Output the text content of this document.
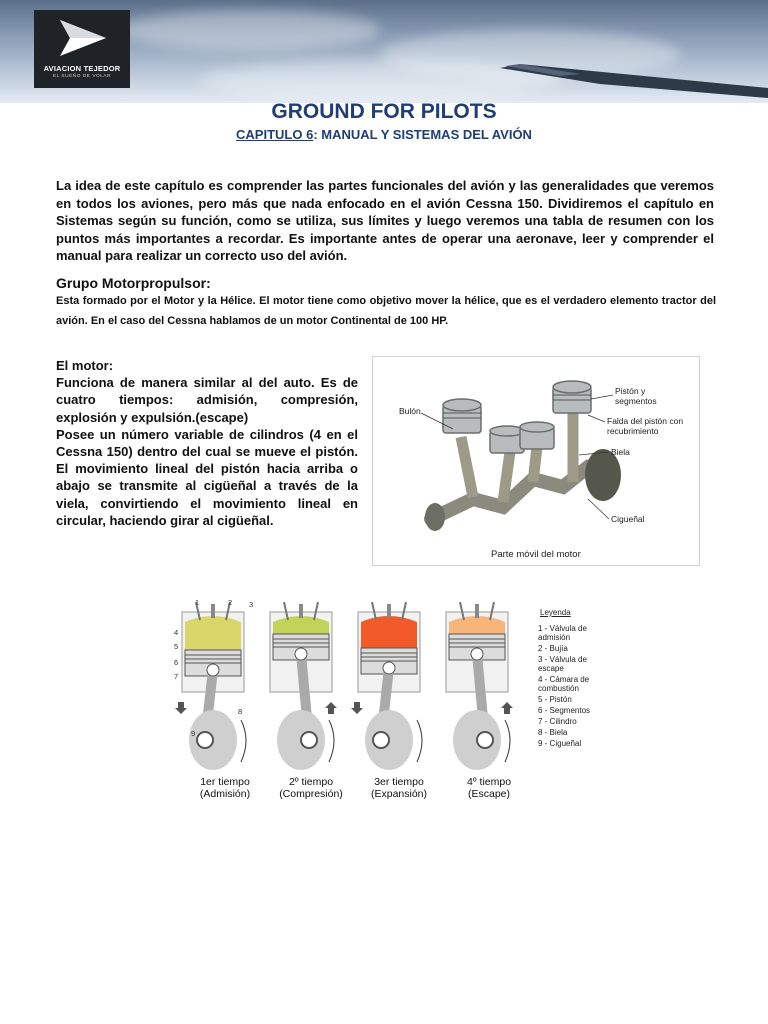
AVIACION TEJEDOR
EL SUEÑO DE VOLAR
GROUND FOR PILOTS
CAPITULO 6: MANUAL Y SISTEMAS DEL AVIÓN
La idea de este capítulo es comprender las partes funcionales del avión y las generalidades que veremos en todos los aviones, pero más que nada enfocado en el avión Cessna 150. Dividiremos el capítulo en Sistemas según su función, como se utiliza, sus límites y luego veremos una tabla de resumen con los puntos más importantes a recordar. Es importante antes de operar una aeronave, leer y comprender el manual para realizar un correcto uso del avión.
Grupo Motorpropulsor:
Esta formado por el Motor y la Hélice. El motor tiene como objetivo mover la hélice, que es el verdadero elemento tractor del avión. En el caso del Cessna hablamos de un motor Continental de 100 HP.

El motor:

Funciona de manera similar al del auto. Es de cuatro tiempos: admisión, compresión, explosión y expulsión.(escape)

Posee un número variable de cilindros (4 en el Cessna 150) dentro del cual se mueve el pistón. El movimiento lineal del pistón hacia arriba o abajo se transmite al cigüeñal a través de la viela, convirtiendo el movimiento lineal en circular, haciendo girar al cigüeñal.

Bulón
Pistón y segmentos
Falda del pistón con recubrimiento
Biela
Cigueñal
Parte móvil del motor
1	2 3
4
5
6
7
8
9
1er tiempo
(Admisión)
2º tiempo
(Compresión)
3er tiempo
(Expansión)
4º tiempo
(Escape)
Leyenda
1 - Válvula de admisión
2 - Bujía
3 - Válvula de escape
4 - Cámara de combustión
5 - Pistón
6 - Segmentos
7 - Cilindro
8 - Biela
9 - Cigueñal
